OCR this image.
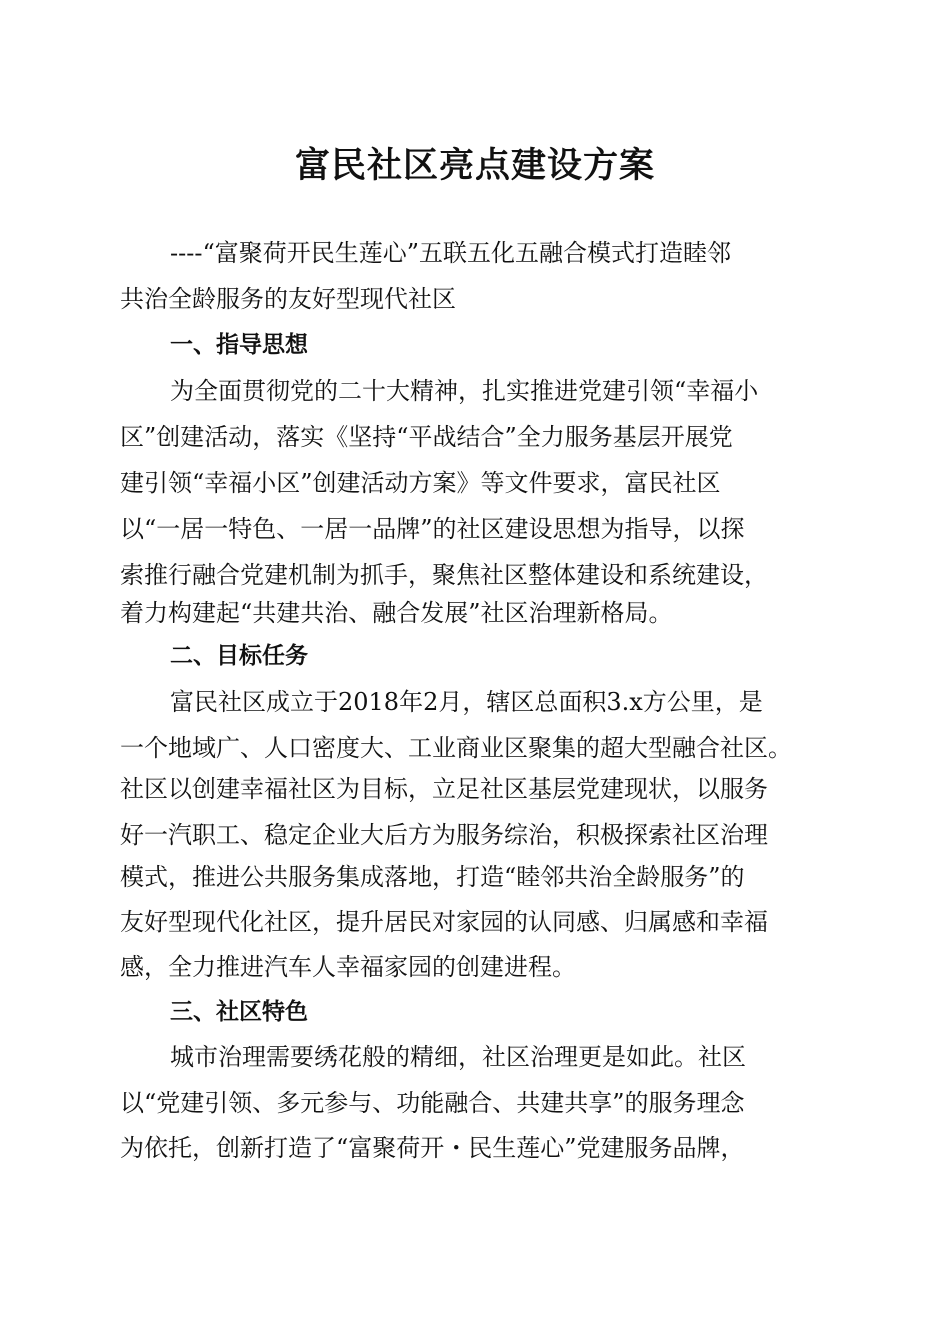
富民社区亮点建设方案
----“富聚荷开民生莲心”五联五化五融合模式打造睦邻
共治全龄服务的友好型现代社区
一、指导思想
为全面贯彻党的二十大精神，扎实推进党建引领“幸福小
区”创建活动，落实《坚持“平战结合”全力服务基层开展党
建引领“幸福小区”创建活动方案》等文件要求，富民社区
以“一居一特色、一居一品牌”的社区建设思想为指导，以探
索推行融合党建机制为抓手，聚焦社区整体建设和系统建设，
着力构建起“共建共治、融合发展”社区治理新格局。
二、目标任务
富民社区成立于2018年2月，辖区总面积3.x方公里，是
一个地域广、人口密度大、工业商业区聚集的超大型融合社区。
社区以创建幸福社区为目标，立足社区基层党建现状，以服务
好一汽职工、稳定企业大后方为服务综治，积极探索社区治理
模式，推进公共服务集成落地，打造“睦邻共治全龄服务”的
友好型现代化社区，提升居民对家园的认同感、归属感和幸福
感，全力推进汽车人幸福家园的创建进程。
三、社区特色
城市治理需要绣花般的精细，社区治理更是如此。社区
以“党建引领、多元参与、功能融合、共建共享”的服务理念
为依托，创新打造了“富聚荷开・民生莲心”党建服务品牌，
